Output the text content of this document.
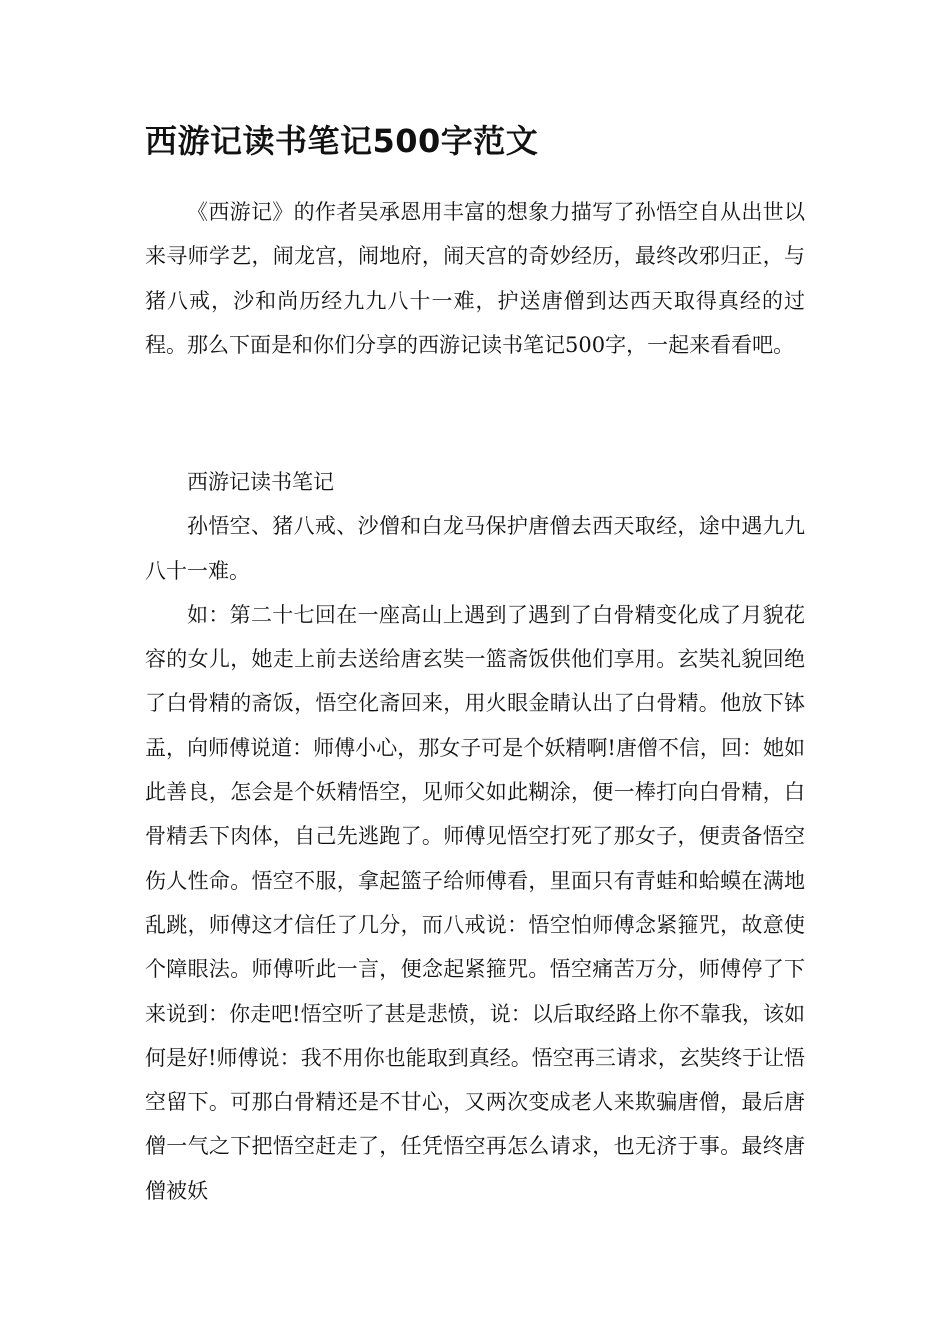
西游记读书笔记500字范文

《西游记》的作者吴承恩用丰富的想象力描写了孙悟空自从出世以来寻师学艺，闹龙宫，闹地府，闹天宫的奇妙经历，最终改邪归正，与猪八戒，沙和尚历经九九八十一难，护送唐僧到达西天取得真经的过程。那么下面是和你们分享的西游记读书笔记500字，一起来看看吧。

西游记读书笔记

孙悟空、猪八戒、沙僧和白龙马保护唐僧去西天取经，途中遇九九八十一难。

如：第二十七回在一座高山上遇到了遇到了白骨精变化成了月貌花容的女儿，她走上前去送给唐玄奘一篮斋饭供他们享用。玄奘礼貌回绝了白骨精的斋饭，悟空化斋回来，用火眼金睛认出了白骨精。他放下钵盂，向师傅说道：师傅小心，那女子可是个妖精啊!唐僧不信，回：她如此善良，怎会是个妖精悟空，见师父如此糊涂，便一棒打向白骨精，白骨精丢下肉体，自己先逃跑了。师傅见悟空打死了那女子，便责备悟空伤人性命。悟空不服，拿起篮子给师傅看，里面只有青蛙和蛤蟆在满地乱跳，师傅这才信任了几分，而八戒说：悟空怕师傅念紧箍咒，故意使个障眼法。师傅听此一言，便念起紧箍咒。悟空痛苦万分，师傅停了下来说到：你走吧!悟空听了甚是悲愤，说：以后取经路上你不靠我，该如何是好!师傅说：我不用你也能取到真经。悟空再三请求，玄奘终于让悟空留下。可那白骨精还是不甘心，又两次变成老人来欺骗唐僧，最后唐僧一气之下把悟空赶走了，任凭悟空再怎么请求，也无济于事。最终唐僧被妖
